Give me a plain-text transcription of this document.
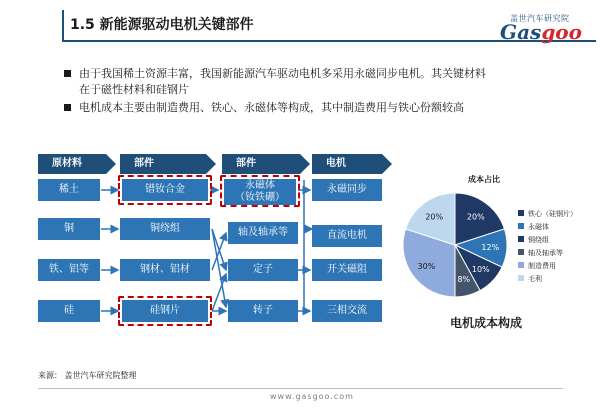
1.5 新能源驱动电机关键部件	盖世汽车研究院
Gasgoo
由于我国稀土资源丰富，我国新能源汽车驱动电机多采用永磁同步电机。其关键材料
在于磁性材料和硅钢片
电机成本主要由制造费用、铁心、永磁体等构成，其中制造费用与铁心份额较高
原材料	部件	部件	电机
稀土
铜
铁、铝等
硅
镨钕合金
铜绕组
钢材、铝材
硅钢片
永磁体
（钕铁硼）
轴及轴承等
定子
转子
永磁同步
直流电机
开关磁阻
三相交流
成本占比
20%
12%
10%
8%
30%
20%	铁心（硅钢片）
永磁体
铜绕组
轴及轴承等
制造费用
毛利
电机成本构成
来源： 盖世汽车研究院整理
www.gasgoo.com
